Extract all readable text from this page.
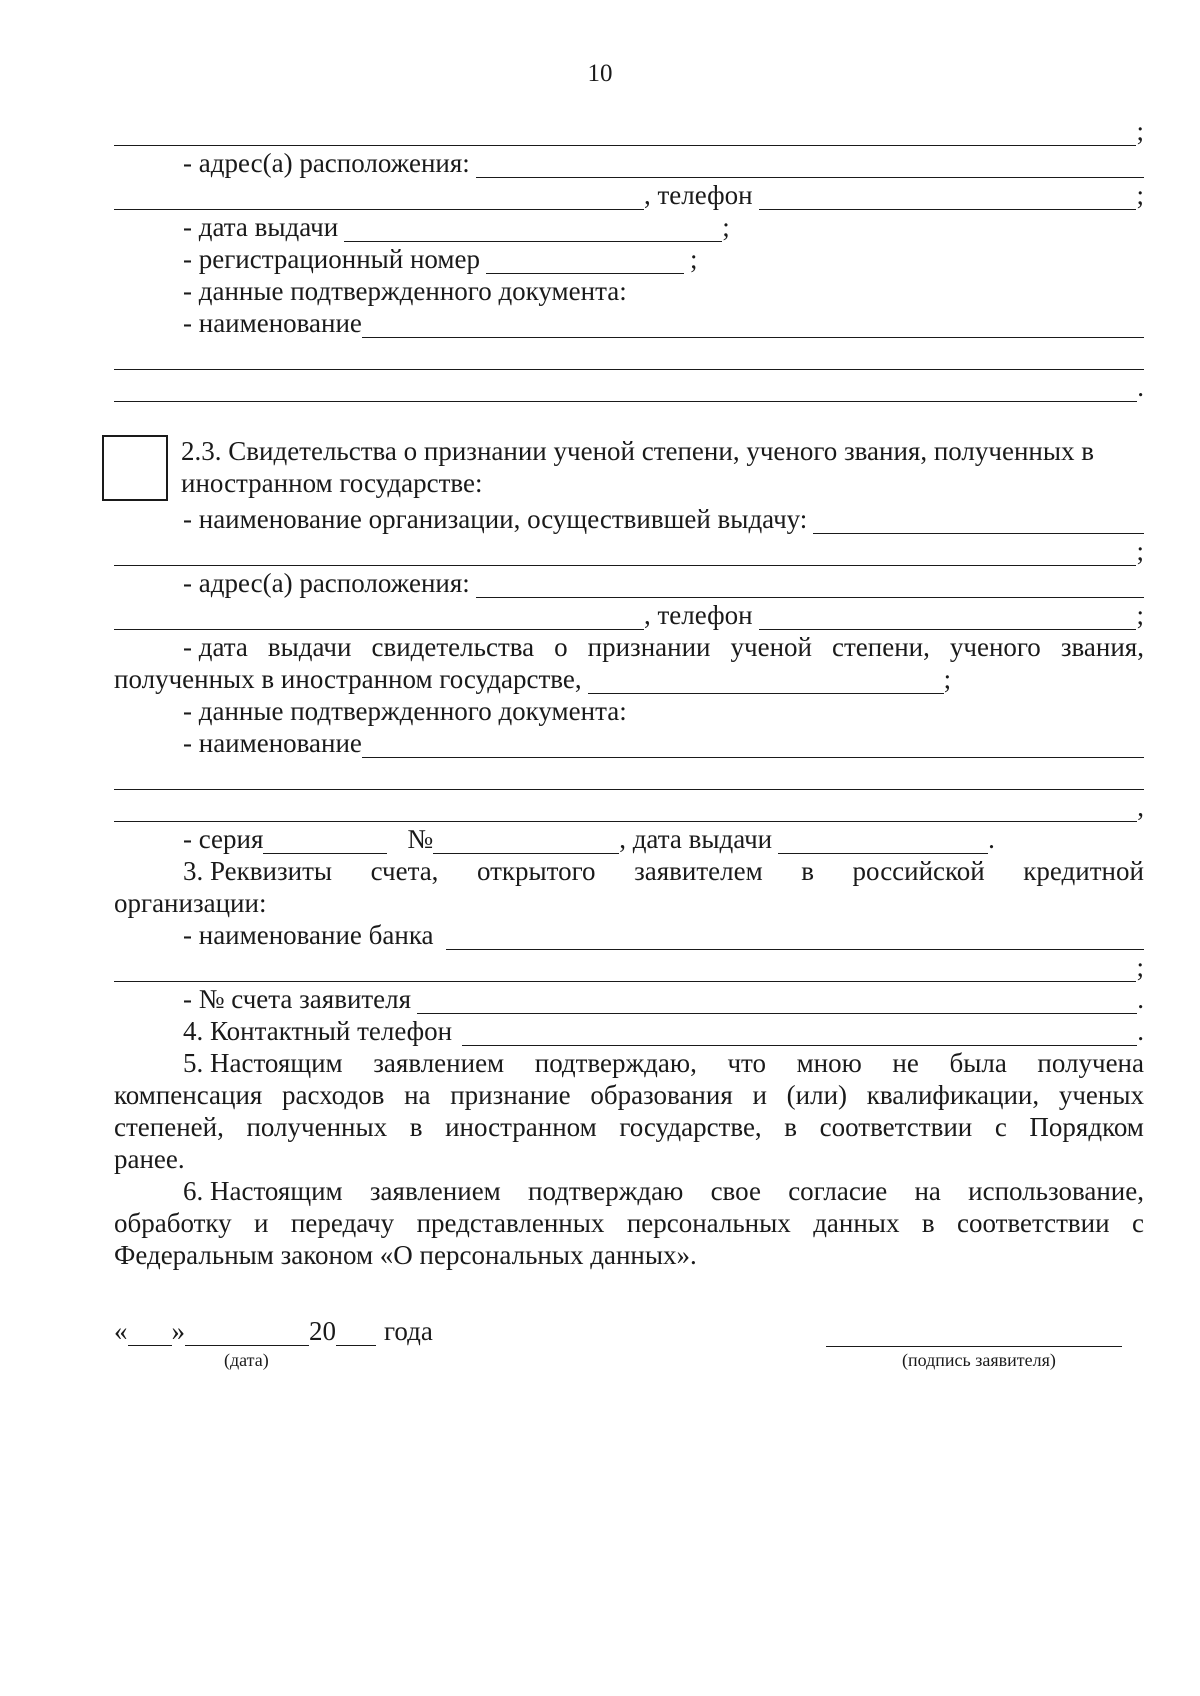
10
;
- адрес(а) расположения:
, телефон	;
- дата выдачи	;
- регистрационный номер	;
- данные подтвержденного документа:
- наименование
.
2.3. Свидетельства о признании ученой степени, ученого звания, полученных в
иностранном государстве:
- наименование организации, осуществившей выдачу:
;
- адрес(а) расположения:
, телефон	;
- дата выдачи свидетельства о признании ученой степени, ученого звания,
полученных в иностранном государстве,	;
- данные подтвержденного документа:
- наименование
,
- серия	№	, дата выдачи	.
3. Реквизиты счета, открытого заявителем в российской кредитной
организации:
- наименование банка
;
- № счета заявителя	.
4. Контактный телефон	.
5. Настоящим заявлением подтверждаю, что мною не была получена
компенсация расходов на признание образования и (или) квалификации, ученых
степеней, полученных в иностранном государстве, в соответствии с Порядком
ранее.
6. Настоящим заявлением подтверждаю свое согласие на использование,
обработку и передачу представленных персональных данных в соответствии с
Федеральным законом «О персональных данных».
« »	20 года
(дата)	(подпись заявителя)
